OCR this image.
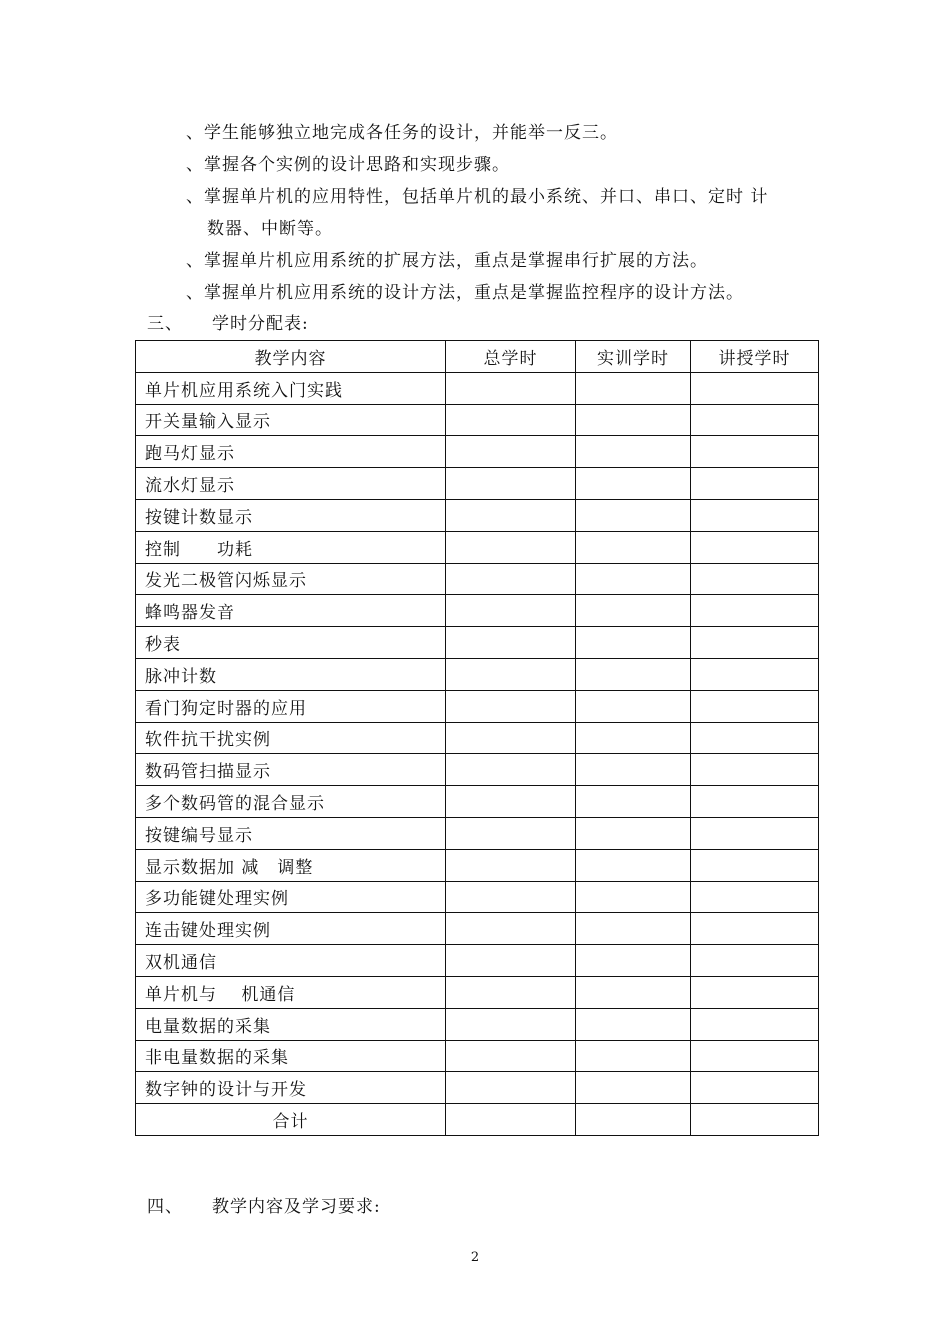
、学生能够独立地完成各任务的设计，并能举一反三。
、掌握各个实例的设计思路和实现步骤。
、掌握单片机的应用特性，包括单片机的最小系统、并口、串口、定时 计
数器、中断等。
、掌握单片机应用系统的扩展方法，重点是掌握串行扩展的方法。
、掌握单片机应用系统的设计方法，重点是掌握监控程序的设计方法。
三、 学时分配表:
教学内容	总学时	实训学时	讲授学时
单片机应用系统入门实践			
开关量输入显示			
跑马灯显示			
流水灯显示			
按键计数显示			
控制　　功耗			
发光二极管闪烁显示			
蜂鸣器发音			
秒表			
脉冲计数			
看门狗定时器的应用			
软件抗干扰实例			
数码管扫描显示			
多个数码管的混合显示			
按键编号显示			
显示数据加 减　调整			
多功能键处理实例			
连击键处理实例			
双机通信			
单片机与　 机通信			
电量数据的采集			
非电量数据的采集			
数字钟的设计与开发			
合计			
四、 教学内容及学习要求:
2
